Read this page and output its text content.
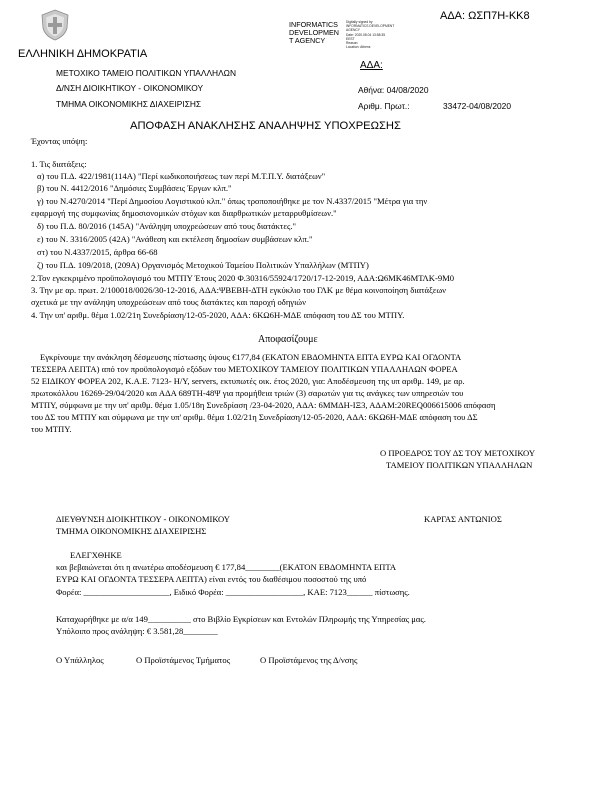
ΕΛΛΗΝΙΚΗ ΔΗΜΟΚΡΑΤΙΑ
ΜΕΤΟΧΙΚΟ ΤΑΜΕΙΟ ΠΟΛΙΤΙΚΩΝ ΥΠΑΛΛΗΛΩΝ
Δ/ΝΣΗ ΔΙΟΙΚΗΤΙΚΟΥ - ΟΙΚΟΝΟΜΙΚΟΥ
ΤΜΗΜΑ ΟΙΚΟΝΟΜΙΚΗΣ ΔΙΑΧΕΙΡΙΣΗΣ
INFORMATICS
DEVELOPMEN
T AGENCY
Digitally signed by
INFORMATICS DEVELOPMENT
AGENCY
Date: 2020.08.04 13:58:35
EEST
Reason:
Location: Athens
ΑΔΑ: ΩΣΠ7Η-ΚΚ8
ΑΔΑ:
Αθήνα: 04/08/2020
Αριθμ. Πρωτ.:	33472-04/08/2020
ΑΠΟΦΑΣΗ ΑΝΑΚΛΗΣΗΣ ΑΝΑΛΗΨΗΣ ΥΠΟΧΡΕΩΣΗΣ
Έχοντας υπόψη:
1. Τις διατάξεις:
α) του Π.Δ. 422/1981(114Α) "Περί κωδικοποιήσεως των περί Μ.Τ.Π.Υ. διατάξεων"
β) του Ν. 4412/2016 "Δημόσιες Συμβάσεις Έργων κλπ."
γ) του Ν.4270/2014 "Περί Δημοσίου Λογιστικού κλπ." όπως τροποποιήθηκε με τον Ν.4337/2015 "Μέτρα για την
εφαρμογή της συμφωνίας δημοσιονομικών στόχων και διαρθρωτικών μεταρρυθμίσεων."
δ) του Π.Δ. 80/2016 (145Α) "Ανάληψη υποχρεώσεων από τους διατάκτες."
ε) του Ν. 3316/2005 (42Α) "Ανάθεση και εκτέλεση δημοσίων συμβάσεων κλπ."
στ) του Ν.4337/2015, άρθρα 66-68
ζ) του Π.Δ. 109/2018, (209Α) Οργανισμός Μετοχικού Ταμείου Πολιτικών Υπαλλήλων (ΜΤΠΥ)
2.Τον εγκεκριμένο προϋπολογισμό του ΜΤΠΥ Έτους 2020 Φ.30316/55924/1720/17-12-2019, ΑΔΑ:Ω6ΜΚ46ΜΤΛΚ-9Μ0
3. Την με αρ. πρωτ. 2/100018/0026/30-12-2016, ΑΔΑ:ΨΒΕΒΗ-ΔΤΗ εγκύκλιο του ΓΛΚ με θέμα κοινοποίηση διατάξεων
σχετικά με την ανάληψη υποχρεώσεων από τους διατάκτες και παροχή οδηγιών
4. Την υπ' αριθμ. θέμα 1.02/21η Συνεδρίαση/12-05-2020, ΑΔΑ: 6ΚΩ6Η-ΜΔΕ απόφαση του ΔΣ του ΜΤΠΥ.
Αποφασίζουμε
Εγκρίνουμε την ανάκληση δέσμευσης πίστωσης ύψους €177,84 (ΕΚΑΤΟΝ ΕΒΔΟΜΗΝΤΑ ΕΠΤΑ ΕΥΡΩ ΚΑΙ ΟΓΔΟΝΤΑ
ΤΕΣΣΕΡΑ ΛΕΠΤΑ) από τον προϋπολογισμό εξόδων του ΜΕΤΟΧΙΚΟΥ ΤΑΜΕΙΟΥ ΠΟΛΙΤΙΚΩΝ ΥΠΑΛΛΗΛΩΝ ΦΟΡΕΑ
52 ΕΙΔΙΚΟΥ ΦΟΡΕΑ 202, Κ.Α.Ε. 7123- Η/Υ, servers, εκτυπωτές οικ. έτος 2020, για: Αποδέσμευση της υπ αριθμ. 149, με αρ.
πρωτοκόλλου 16269-29/04/2020 και ΑΔΑ 689ΤΗ-48Ψ για προμήθεια τριών (3) σαρωτών για τις ανάγκες των υπηρεσιών του
ΜΤΠΥ, σύμφωνα με την υπ' αριθμ. θέμα 1.05/18η Συνεδρίαση /23-04-2020, ΑΔΑ: 6ΜΜΔΗ-ΙΞ3, ΑΔΑΜ:20REQ006615006 απόφαση
του ΔΣ του ΜΤΠΥ και σύμφωνα με την υπ' αριθμ. θέμα 1.02/21η Συνεδρίαση/12-05-2020, ΑΔΑ: 6ΚΩ6Η-ΜΔΕ απόφαση του ΔΣ
του ΜΤΠΥ.
Ο ΠΡΟΕΔΡΟΣ ΤΟΥ ΔΣ ΤΟΥ ΜΕΤΟΧΙΚΟΥ
ΤΑΜΕΙΟΥ ΠΟΛΙΤΙΚΩΝ ΥΠΑΛΛΗΛΩΝ
ΔΙΕΥΘΥΝΣΗ ΔΙΟΙΚΗΤΙΚΟΥ - ΟΙΚΟΝΟΜΙΚΟΥ
ΤΜΗΜΑ ΟΙΚΟΝΟΜΙΚΗΣ ΔΙΑΧΕΙΡΙΣΗΣ
ΚΑΡΓΑΣ ΑΝΤΩΝΙΟΣ
ΕΛΕΓΧΘΗΚΕ
και βεβαιώνεται ότι η ανωτέρω αποδέσμευση € 177,84________(ΕΚΑΤΟΝ ΕΒΔΟΜΗΝΤΑ ΕΠΤΑ
ΕΥΡΩ ΚΑΙ ΟΓΔΟΝΤΑ ΤΕΣΣΕΡΑ ΛΕΠΤΑ) είναι εντός του διαθέσιμου ποσοστού της υπό
Φορέα: ____________________, Ειδικό Φορέα: __________________, ΚΑΕ: 7123______ πίστωσης.
Καταχωρήθηκε με α/α 149__________ στο Βιβλίο Εγκρίσεων και Εντολών Πληρωμής της Υπηρεσίας μας.
Υπόλοιπο προς ανάληψη: € 3.581,28________
Ο Υπάλληλος	Ο Προϊστάμενος Τμήματος	Ο Προϊστάμενος της Δ/νσης
